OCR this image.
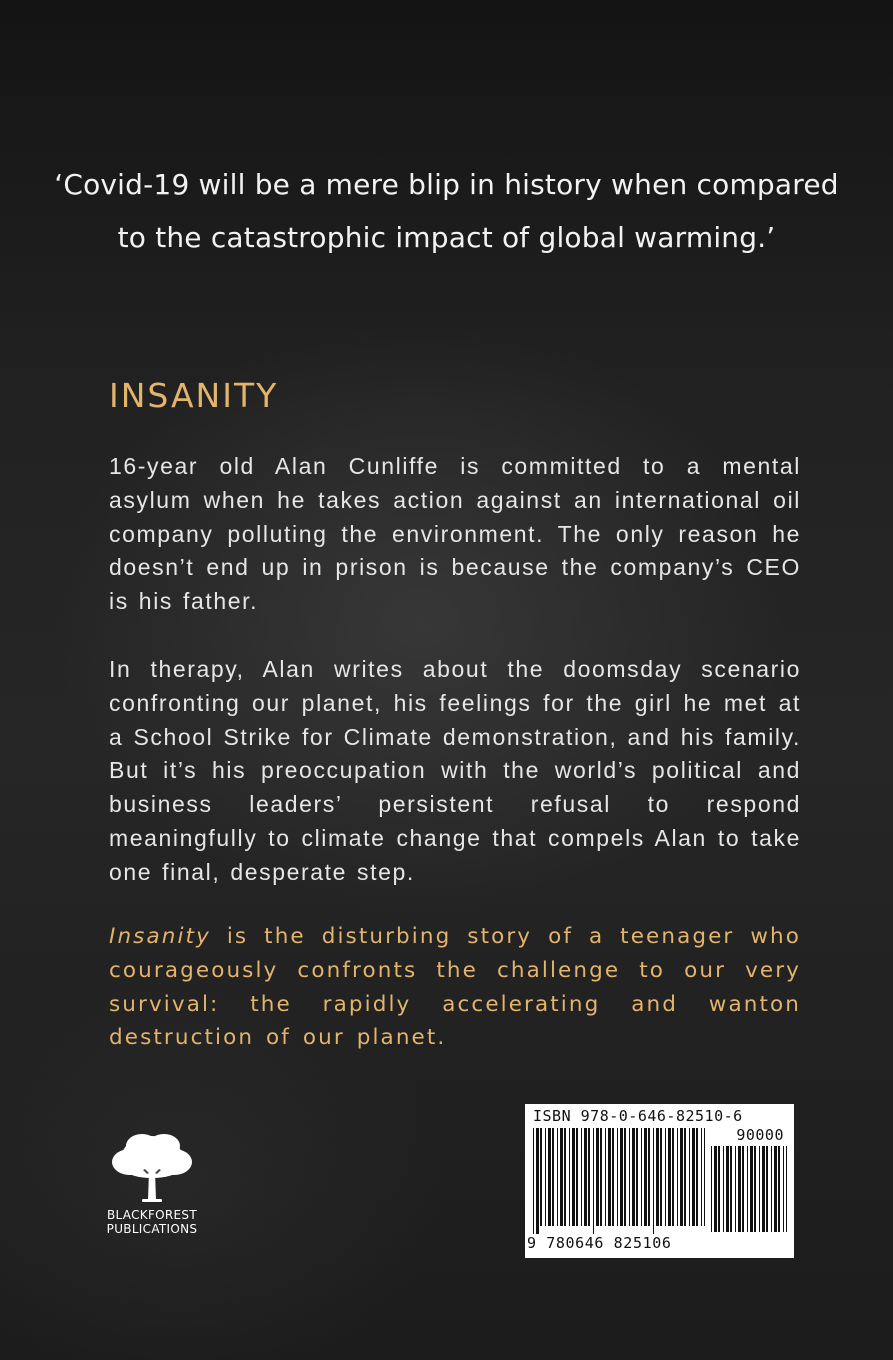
‘Covid-19 will be a mere blip in history when compared to the catastrophic impact of global warming.’
INSANITY
16-year old Alan Cunliffe is committed to a mental asylum when he takes action against an international oil company polluting the environment. The only reason he doesn’t end up in prison is because the company’s CEO is his father.
In therapy, Alan writes about the doomsday scenario confronting our planet, his feelings for the girl he met at a School Strike for Climate demonstration, and his family. But it’s his preoccupation with the world’s political and business leaders’ persistent refusal to respond meaningfully to climate change that compels Alan to take one final, desperate step.
Insanity is the disturbing story of a teenager who courageously confronts the challenge to our very survival: the rapidly accelerating and wanton destruction of our planet.
BLACKFOREST
PUBLICATIONS
ISBN 978-0-646-82510-6
90000
9 780646 825106
